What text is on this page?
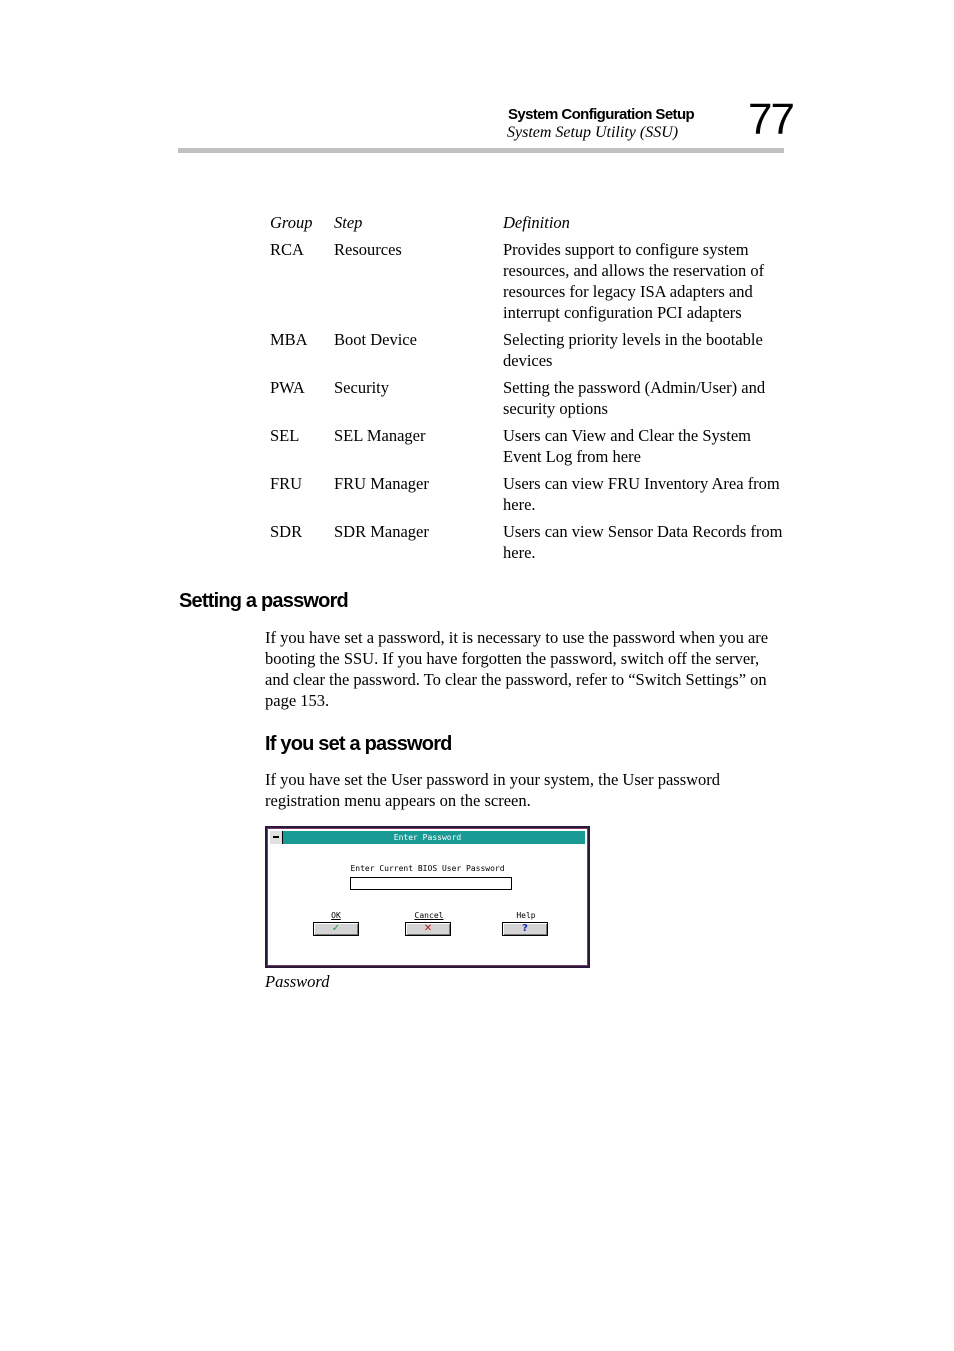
System Configuration Setup
System Setup Utility (SSU) 77
Group Step	Definition
RCA Resources	Provides support to configure system resources, and allows the reservation of resources for legacy ISA adapters and interrupt configuration PCI adapters
MBA Boot Device	Selecting priority levels in the bootable devices
PWA Security	Setting the password (Admin/User) and security options
SEL SEL Manager	Users can View and Clear the System Event Log from here
FRU FRU Manager	Users can view FRU Inventory Area from here.
SDR SDR Manager	Users can view Sensor Data Records from here.
Setting a password

If you have set a password, it is necessary to use the password when you are booting the SSU. If you have forgotten the password, switch off the server, and clear the password. To clear the password, refer to “Switch Settings” on page 153.

If you set a password

If you have set the User password in your system, the User password registration menu appears on the screen.

Enter Password
Enter Current BIOS User Password
OK
✓
Cancel
✕
Help
?
Password
